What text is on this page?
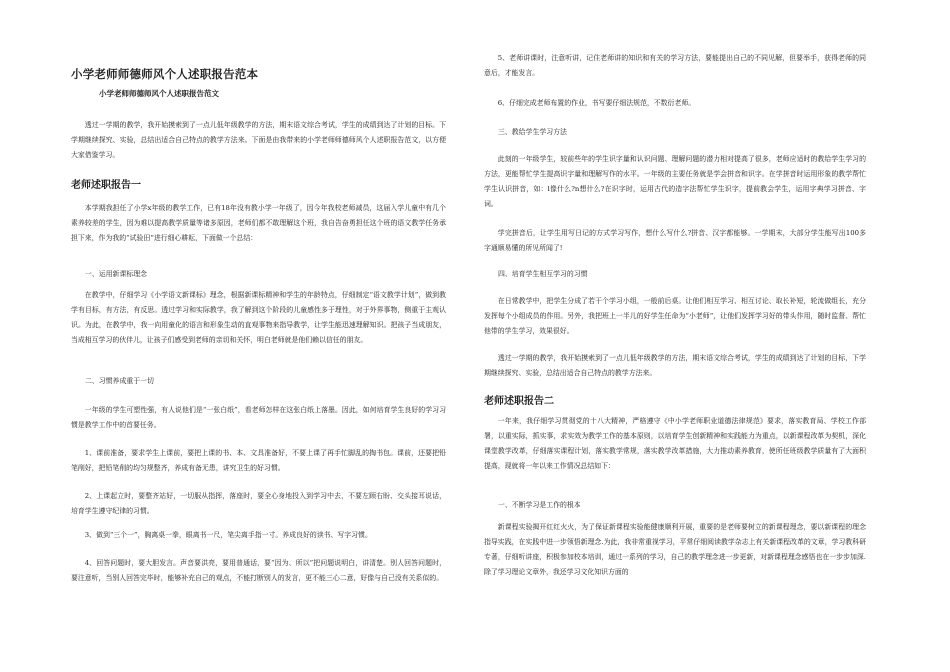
小学老师师德师风个人述职报告范本
小学老师师德师风个人述职报告范文

透过一学期的教学，我开始摸索到了一点儿低年级教学的方法，期末语文综合考试，学生的成绩到达了计划的目标。下学期继续探究、实验，总结出适合自己特点的教学方法来。下面是由我带来的小学老师师德师风个人述职报告范文，以方便大家借鉴学习。

老师述职报告一

本学期我担任了小学x年级的教学工作，已有18年没有教小学一年级了，因今年我校老师减员，这届入学儿童中有几个素养较差的学生，因为难以提高教学质量等诸多原因，老师们都不敢理解这个班，我自告奋勇担任这个班的语文教学任务承担下来，作为我的“试验田”进行细心耕耘，下面做一个总结：

一、运用新课标理念

在教学中，仔细学习《小学语文新课标》理念，根据新课标精神和学生的年龄特点，仔细制定“语文教学计划”，做到教学有目标，有方法，有反思。透过学习和实际教学，我了解到这个阶段的儿童感性多于理性，对于外界事物，侧重于主观认识。为此，在教学中，我一向用童化的语言和形象生动的直观事物来指导教学，让学生能迅速理解知识。把孩子当成朋友，当成相互学习的伙伴儿，让孩子们感受到老师的亲切和关怀，明白老师就是他们赖以信任的朋友。

二、习惯养成重于一切

一年级的学生可塑性强，有人说他们是“一张白纸”，看老师怎样在这张白纸上落墨。因此，如何培育学生良好的学习习惯是教学工作中的首要任务。

1、课前准备，要求学生上课前，要把上课的书、本、文具准备好，不要上课了再手忙脚乱的掏书包。课前，还要把铅笔削好，把铅笔削的均匀规整齐，养成有备无患，讲究卫生的好习惯。

2、上课起立时，要整齐站好，一切服从指挥，落座时，要全心身地投入到学习中去，不要左顾右盼、交头接耳说话，培育学生遵守纪律的习惯。

3、做到“三个一”，胸离桌一拳，眼离书一尺，笔尖离手指一寸。养成良好的读书、写字习惯。

4、回答问题时，要大胆发言。声音要洪亮，要用普通话，要“因为、所以”把问题说明白，讲清楚。别人回答问题时，要注意听，当别人回答完毕时，能够补充自己的观点，不能打断别人的发言，更不能三心二意，好像与自己没有关系似的。

5、老师讲课时，注意听讲，记住老师讲的知识和有关的学习方法，要能提出自己的不同见解，但要举手，获得老师的同意后，才能发言。

6、仔细完成老师布置的作业，书写要仔细法规范，不数衍老师。

三、教给学生学习方法

此刻的一年级学生，较前些年的学生识字量和认识问题、理解问题的潜力相对提高了很多，老师应适时的教给学生学习的方法，更能帮忙学生提高识字量和理解写作的水平。一年级的主要任务就是学会拼音和识字。在学拼音时运用形象的教学帮忙学生认识拼音，如：l像什么?n想什么?在识字时，运用古代的造字法帮忙学生识字，提前教会学生，运用字典学习拼音、字词。

学完拼音后，让学生用写日记的方式学习写作，想什么写什么?拼音、汉字都能够。一学期末，大部分学生能写出100多字通顺易懂的所见所闻了!

四、培育学生相互学习的习惯

在日常教学中，把学生分成了若干个学习小组，一般前后桌。让他们相互学习、相互讨论、取长补短，轮流做组长，充分发挥每个小组成员的作用。另外，我把班上一半儿的好学生任命为“小老师”，让他们发挥学习好的带头作用，随时监督、帮忙他带的学生学习，效果很好。

透过一学期的教学，我开始摸索到了一点儿低年级教学的方法，期末语文综合考试，学生的成绩到达了计划的目标，下学期继续探究、实验，总结出适合自己特点的教学方法来。

老师述职报告二

一年来，我仔细学习贯彻党的十八大精神，严格遵守《中小学老师职业道德法律规范》要求，落实教育局、学校工作部署，以重实际，抓实事，求实效为教学工作的基本原则，以培育学生创新精神和实践能力为重点，以新课程改革为契机，深化课堂教学改革，仔细落实课程计划，落实教学常规，落实教学改革措施，大力推动素养教育，使所任班级教学质量有了大面积提高，现就将一年以来工作情况总结如下：

一、不断学习是工作的根本

新课程实验揭开红红火火，为了保证新课程实验能健康顺利开展，重要的是老师要树立的新课程理念，要以新课程的理念指导实践，在实践中进一步领悟新理念.为此，我非常重视学习，平常仔细阅读教学杂志上有关新课程改革的文章，学习教科研专著，仔细听讲座，积极参加校本培训，通过一系列的学习，自己的教学理念进一步更新，对新课程理念感悟也在一步步加深.除了学习理论文章外，我还学习文化知识方面的
